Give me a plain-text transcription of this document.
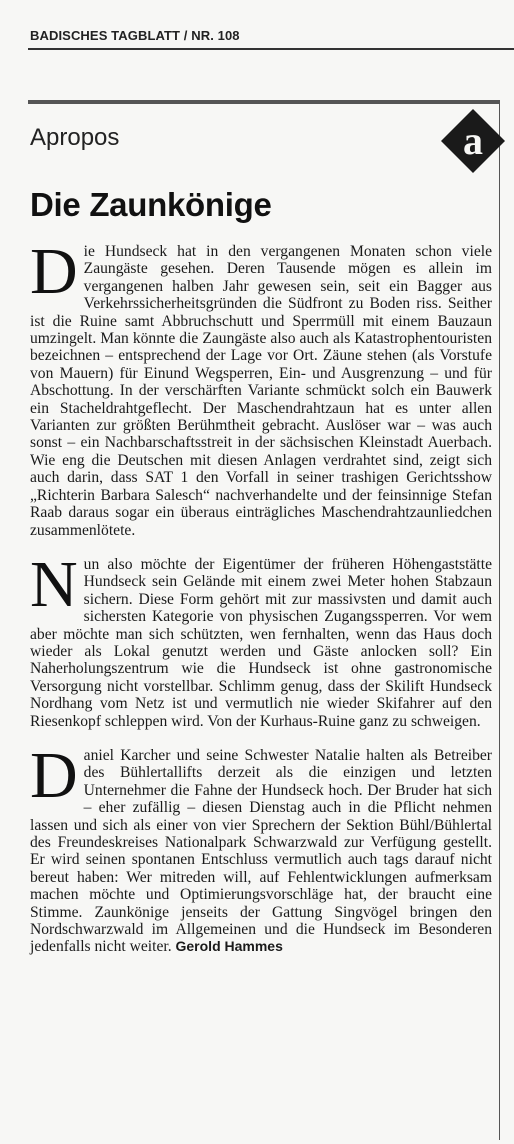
BADISCHES TAGBLATT / NR. 108
Apropos	a
Die Zaunkönige

Die Hundseck hat in den vergangenen Monaten schon viele Zaungäste gesehen. Deren Tausende mögen es allein im vergangenen halben Jahr gewesen sein, seit ein Bagger aus Verkehrssicherheitsgründen die Südfront zu Boden riss. Seither ist die Ruine samt Abbruchschutt und Sperrmüll mit einem Bauzaun umzingelt. Man könnte die Zaungäste also auch als Katastrophentouristen bezeichnen – entsprechend der Lage vor Ort. Zäune stehen (als Vorstufe von Mauern) für Einund Wegsperren, Ein- und Ausgrenzung – und für Abschottung. In der verschärften Variante schmückt solch ein Bauwerk ein Stacheldrahtgeflecht. Der Maschendrahtzaun hat es unter allen Varianten zur größten Berühmtheit gebracht. Auslöser war – was auch sonst – ein Nachbarschaftsstreit in der sächsischen Kleinstadt Auerbach. Wie eng die Deutschen mit diesen Anlagen verdrahtet sind, zeigt sich auch darin, dass SAT 1 den Vorfall in seiner trashigen Gerichtsshow „Richterin Barbara Salesch“ nachverhandelte und der feinsinnige Stefan Raab daraus sogar ein überaus einträgliches Maschendrahtzaunliedchen zusammenlötete.

Nun also möchte der Eigentümer der früheren Höhengaststätte Hundseck sein Gelände mit einem zwei Meter hohen Stabzaun sichern. Diese Form gehört mit zur massivsten und damit auch sichersten Kategorie von physischen Zugangssperren. Vor wem aber möchte man sich schützten, wen fernhalten, wenn das Haus doch wieder als Lokal genutzt werden und Gäste anlocken soll? Ein Naherholungszentrum wie die Hundseck ist ohne gastronomische Versorgung nicht vorstellbar. Schlimm genug, dass der Skilift Hundseck Nordhang vom Netz ist und vermutlich nie wieder Skifahrer auf den Riesenkopf schleppen wird. Von der Kurhaus-Ruine ganz zu schweigen.

Daniel Karcher und seine Schwester Natalie halten als Betreiber des Bühlertallifts derzeit als die einzigen und letzten Unternehmer die Fahne der Hundseck hoch. Der Bruder hat sich – eher zufällig – diesen Dienstag auch in die Pflicht nehmen lassen und sich als einer von vier Sprechern der Sektion Bühl/Bühlertal des Freundeskreises Nationalpark Schwarzwald zur Verfügung gestellt. Er wird seinen spontanen Entschluss vermutlich auch tags darauf nicht bereut haben: Wer mitreden will, auf Fehlentwicklungen aufmerksam machen möchte und Optimierungsvorschläge hat, der braucht eine Stimme. Zaunkönige jenseits der Gattung Singvögel bringen den Nordschwarzwald im Allgemeinen und die Hundseck im Besonderen jedenfalls nicht weiter. Gerold Hammes
